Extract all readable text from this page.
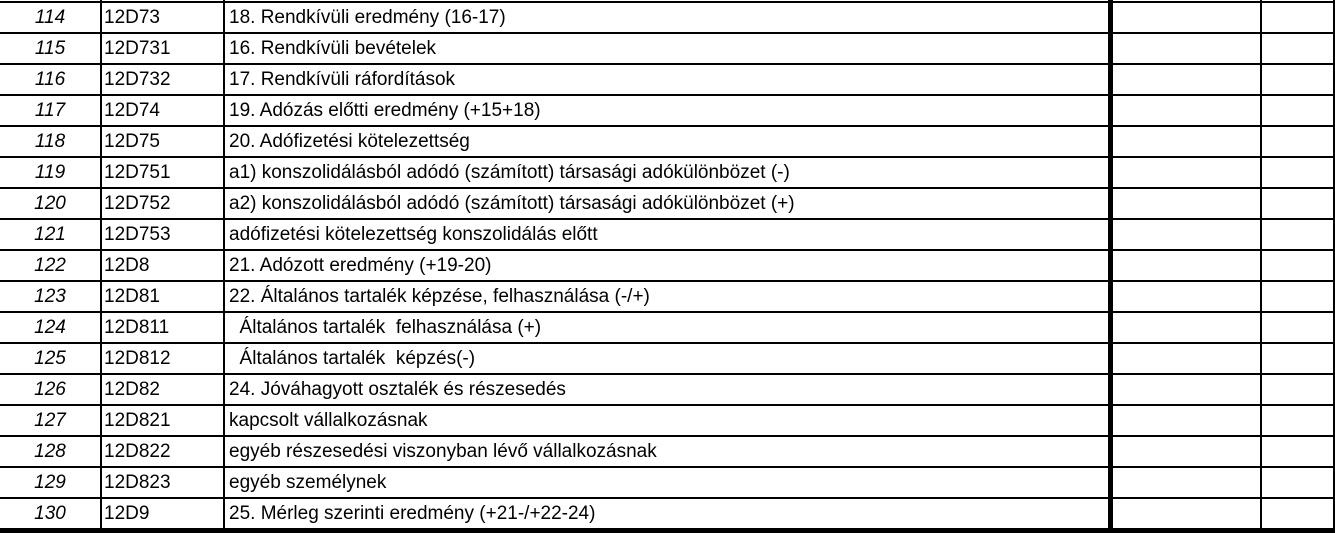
114	12D73	18. Rendkívüli eredmény (16-17)
115	12D731	16. Rendkívüli bevételek
116	12D732	17. Rendkívüli ráfordítások
117	12D74	19. Adózás előtti eredmény (+15+18)
118	12D75	20. Adófizetési kötelezettség
119	12D751	a1) konszolidálásból adódó (számított) társasági adókülönbözet (-)
120	12D752	a2) konszolidálásból adódó (számított) társasági adókülönbözet (+)
121	12D753	adófizetési kötelezettség konszolidálás előtt
122	12D8	21. Adózott eredmény (+19-20)
123	12D81	22. Általános tartalék képzése, felhasználása (-/+)
124	12D811	Általános tartalék  felhasználása (+)
125	12D812	Általános tartalék  képzés(-)
126	12D82	24. Jóváhagyott osztalék és részesedés
127	12D821	kapcsolt vállalkozásnak
128	12D822	egyéb részesedési viszonyban lévő vállalkozásnak
129	12D823	egyéb személynek
130	12D9	25. Mérleg szerinti eredmény (+21-/+22-24)
